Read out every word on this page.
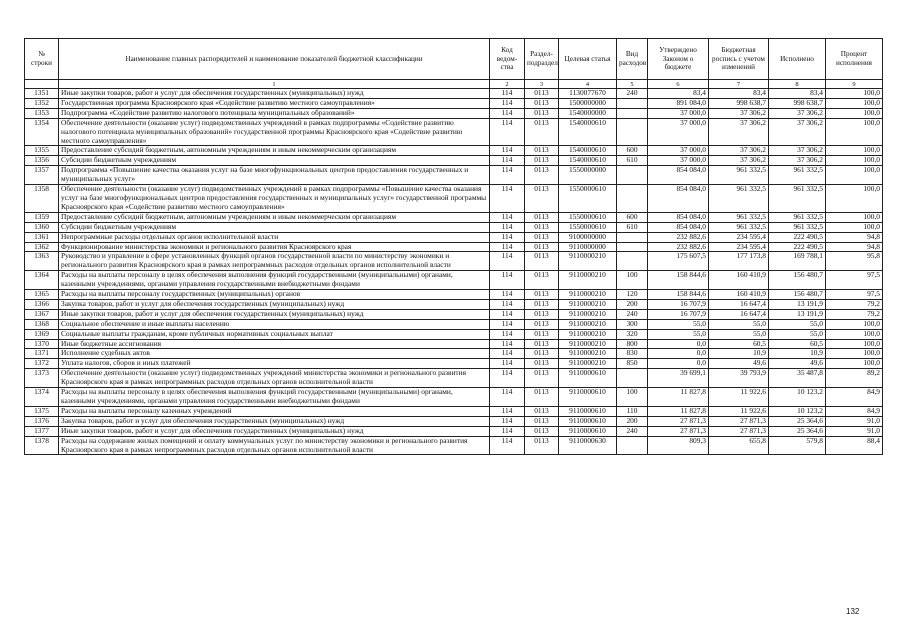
№ строки	Наименование главных распорядителей и наименование показателей бюджетной классификации	Код ведом-ства	Раздел-подраздел	Целевая статья	Вид расходов	Утверждено Законом о бюджете	Бюджетная роспись с учетом изменений	Исполнено	Процент исполнения
	1	2	3	4	5	6	7	8	9
1351	Иные закупки товаров, работ и услуг для обеспечения государственных (муниципальных) нужд	114	0113	1130077670	240	83,4	83,4	83,4	100,0
1352	Государственная программа Красноярского края «Содействие развитию местного самоуправления»	114	0113	1500000000		891 084,0	998 638,7	998 638,7	100,0
1353	Подпрограмма «Содействие развитию налогового потенциала муниципальных образований»	114	0113	1540000000		37 000,0	37 306,2	37 306,2	100,0
1354	Обеспечение деятельности (оказание услуг) подведомственных учреждений в рамках подпрограммы «Содействие развитию налогового потенциала муниципальных образований» государственной программы Красноярского края «Содействие развитию местного самоуправления»	114	0113	1540000610		37 000,0	37 306,2	37 306,2	100,0
1355	Предоставление субсидий бюджетным, автономным учреждениям и иным некоммерческим организациям	114	0113	1540000610	600	37 000,0	37 306,2	37 306,2	100,0
1356	Субсидии бюджетным учреждениям	114	0113	1540000610	610	37 000,0	37 306,2	37 306,2	100,0
1357	Подпрограмма «Повышение качества оказания услуг на базе многофункциональных центров предоставления государственных и муниципальных услуг»	114	0113	1550000000		854 084,0	961 332,5	961 332,5	100,0
1358	Обеспечение деятельности (оказание услуг) подведомственных учреждений в рамках подпрограммы «Повышение качества оказания услуг на базе многофункциональных центров предоставления государственных и муниципальных услуг» государственной программы Красноярского края «Содействие развитию местного самоуправления»	114	0113	1550000610		854 084,0	961 332,5	961 332,5	100,0
1359	Предоставление субсидий бюджетным, автономным учреждениям и иным некоммерческим организациям	114	0113	1550000610	600	854 084,0	961 332,5	961 332,5	100,0
1360	Субсидии бюджетным учреждениям	114	0113	1550000610	610	854 084,0	961 332,5	961 332,5	100,0
1361	Непрограммные расходы отдельных органов исполнительной власти	114	0113	9100000000		232 882,6	234 595,4	222 490,5	94,8
1362	Функционирование министерства экономики и регионального развития Красноярского края	114	0113	9110000000		232 882,6	234 595,4	222 490,5	94,8
1363	Руководство и управление в сфере установленных функций органов государственной власти по министерству экономики и регионального развития Красноярского края в рамках непрограммных расходов отдельных органов исполнительной власти	114	0113	9110000210		175 607,5	177 173,8	169 788,1	95,8
1364	Расходы на выплаты персоналу в целях обеспечения выполнения функций государственными (муниципальными) органами, казенными учреждениями, органами управления государственными внебюджетными фондами	114	0113	9110000210	100	158 844,6	160 410,9	156 480,7	97,5
1365	Расходы на выплаты персоналу государственных (муниципальных) органов	114	0113	9110000210	120	158 844,6	160 410,9	156 480,7	97,5
1366	Закупка товаров, работ и услуг для обеспечения государственных (муниципальных) нужд	114	0113	9110000210	200	16 707,9	16 647,4	13 191,9	79,2
1367	Иные закупки товаров, работ и услуг для обеспечения государственных (муниципальных) нужд	114	0113	9110000210	240	16 707,9	16 647,4	13 191,9	79,2
1368	Социальное обеспечение и иные выплаты населению	114	0113	9110000210	300	55,0	55,0	55,0	100,0
1369	Социальные выплаты гражданам, кроме публичных нормативных социальных выплат	114	0113	9110000210	320	55,0	55,0	55,0	100,0
1370	Иные бюджетные ассигнования	114	0113	9110000210	800	0,0	60,5	60,5	100,0
1371	Исполнение судебных актов	114	0113	9110000210	830	0,0	10,9	10,9	100,0
1372	Уплата налогов, сборов и иных платежей	114	0113	9110000210	850	0,0	49,6	49,6	100,0
1373	Обеспечение деятельности (оказание услуг) подведомственных учреждений министерства экономики и регионального развития Красноярского края в рамках непрограммных расходов отдельных органов исполнительной власти	114	0113	9110000610		39 699,1	39 793,9	35 487,8	89,2
1374	Расходы на выплаты персоналу в целях обеспечения выполнения функций государственными (муниципальными) органами, казенными учреждениями, органами управления государственными внебюджетными фондами	114	0113	9110000610	100	11 827,8	11 922,6	10 123,2	84,9
1375	Расходы на выплаты персоналу казенных учреждений	114	0113	9110000610	110	11 827,8	11 922,6	10 123,2	84,9
1376	Закупка товаров, работ и услуг для обеспечения государственных (муниципальных) нужд	114	0113	9110000610	200	27 871,3	27 871,3	25 364,6	91,0
1377	Иные закупки товаров, работ и услуг для обеспечения государственных (муниципальных) нужд	114	0113	9110000610	240	27 871,3	27 871,3	25 364,6	91,0
1378	Расходы на содержание жилых помещений и оплату коммунальных услуг по министерству экономики и регионального развития Красноярского края в рамках непрограммных расходов отдельных органов исполнительной власти	114	0113	9110000630		809,3	655,8	579,8	88,4
132
